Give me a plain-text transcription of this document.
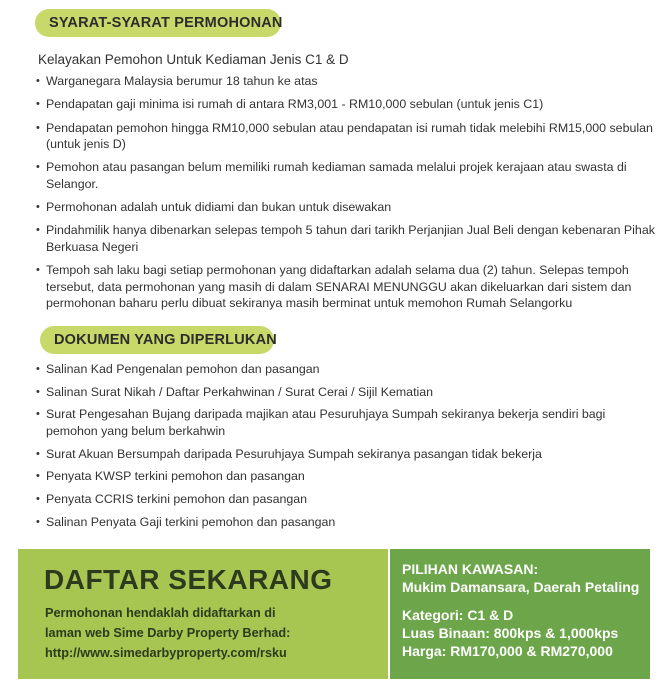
SYARAT-SYARAT PERMOHONAN
Kelayakan Pemohon Untuk Kediaman Jenis C1 & D
• Warganegara Malaysia berumur 18 tahun ke atas
• Pendapatan gaji minima isi rumah di antara RM3,001 - RM10,000 sebulan (untuk jenis C1)
• Pendapatan pemohon hingga RM10,000 sebulan atau pendapatan isi rumah tidak melebihi RM15,000 sebulan (untuk jenis D)
• Pemohon atau pasangan belum memiliki rumah kediaman samada melalui projek kerajaan atau swasta di Selangor.
• Permohonan adalah untuk didiami dan bukan untuk disewakan
• Pindahmilik hanya dibenarkan selepas tempoh 5 tahun dari tarikh Perjanjian Jual Beli dengan kebenaran Pihak Berkuasa Negeri
• Tempoh sah laku bagi setiap permohonan yang didaftarkan adalah selama dua (2) tahun. Selepas tempoh tersebut, data permohonan yang masih di dalam SENARAI MENUNGGU akan dikeluarkan dari sistem dan permohonan baharu perlu dibuat sekiranya masih berminat untuk memohon Rumah Selangorku
DOKUMEN YANG DIPERLUKAN
• Salinan Kad Pengenalan pemohon dan pasangan
• Salinan Surat Nikah / Daftar Perkahwinan / Surat Cerai / Sijil Kematian
• Surat Pengesahan Bujang daripada majikan atau Pesuruhjaya Sumpah sekiranya bekerja sendiri bagi pemohon yang belum berkahwin
• Surat Akuan Bersumpah daripada Pesuruhjaya Sumpah sekiranya pasangan tidak bekerja
• Penyata KWSP terkini pemohon dan pasangan
• Penyata CCRIS terkini pemohon dan pasangan
• Salinan Penyata Gaji terkini pemohon dan pasangan
DAFTAR SEKARANG
Permohonan hendaklah didaftarkan di
laman web Sime Darby Property Berhad:
http://www.simedarbyproperty.com/rsku
PILIHAN KAWASAN:
Mukim Damansara, Daerah Petaling
Kategori: C1 & D
Luas Binaan: 800kps & 1,000kps
Harga: RM170,000 & RM270,000
